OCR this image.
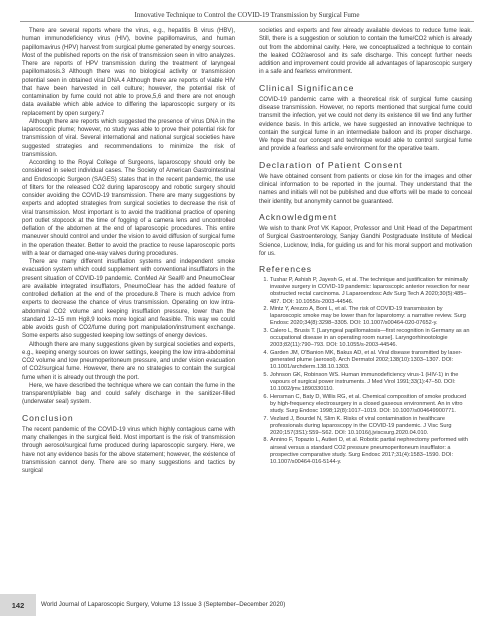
Innovative Technique to Control the COVID-19 Transmission by Surgical Fume

There are several reports where the virus, e.g., hepatitis B virus (HBV), human immunodeficiency virus (HIV), bovine papillomavirus, and human papillomavirus (HPV) harvest from surgical plume generated by energy sources. Most of the published reports on the risk of transmission seen in vitro analyzes. There are reports of HPV transmission during the treatment of laryngeal papillomatosis.3 Although there was no biological activity or transmission potential seen in obtained viral DNA.4 Although there are reports of viable HIV that have been harvested in cell culture; however, the potential risk of contamination by fume could not able to prove,5,6 and there are not enough data available which able advice to differing the laparoscopic surgery or its replacement by open surgery.7

Although there are reports which suggested the presence of virus DNA in the laparoscopic plume; however, no study was able to prove their potential risk for transmission of viral. Several international and national surgical societies have suggested strategies and recommendations to minimize the risk of transmission.

According to the Royal College of Surgeons, laparoscopy should only be considered in select individual cases. The Society of American Gastrointestinal and Endoscopic Surgeon (SAGES) states that in the recent pandemic, the use of filters for the released CO2 during laparoscopy and robotic surgery should consider avoiding the COVID-19 transmission. There are many suggestions by experts and adopted strategies from surgical societies to decrease the risk of viral transmission. Most important is to avoid the traditional practice of opening port outlet stopcock at the time of fogging of a camera lens and uncontrolled deflation of the abdomen at the end of laparoscopic procedures. This entire maneuver should control and under the vision to avoid diffusion of surgical fume in the operation theater. Better to avoid the practice to reuse laparoscopic ports with a tear or damaged one-way valves during procedures.

There are many different insufflation systems and independent smoke evacuation system which could supplement with conventional insufflators in the present situation of COVID-19 pandemic. ConMed Air Seal® and PneumoClear are available integrated insufflators, PneumoClear has the added feature of controlled deflation at the end of the procedure.8 There is much advice from experts to decrease the chance of virus transmission. Operating on low intra-abdominal CO2 volume and keeping insufflation pressure, lower than the standard 12–15 mm Hg8,9 looks more logical and feasible. This way we could able avoids gush of CO2/fume during port manipulation/instrument exchange. Some experts also suggested keeping low settings of energy devices.

Although there are many suggestions given by surgical societies and experts, e.g., keeping energy sources on lower settings, keeping the low intra-abdominal CO2 volume and low pneumoperitoneum pressure, and under vision evacuation of CO2/surgical fume. However, there are no strategies to contain the surgical fume when it is already out through the port.

Here, we have described the technique where we can contain the fume in the transparent/pliable bag and could safely discharge in the sanitizer-filled (underwater seal) system.

Conclusion

The recent pandemic of the COVID-19 virus which highly contagious came with many challenges in the surgical field. Most important is the risk of transmission through aerosol/surgical fume produced during laparoscopic surgery. Here, we have not any evidence basis for the above statement; however, the existence of transmission cannot deny. There are so many suggestions and tactics by surgical

societies and experts and few already available devices to reduce fume leak. Still, there is a suggestion or solution to contain the fume/CO2 which is already out from the abdominal cavity. Here, we conceptualized a technique to contain the leaked CO2/aerosol and its safe discharge. This concept further needs addition and improvement could provide all advantages of laparoscopic surgery in a safe and fearless environment.

Clinical Significance

COVID-19 pandemic came with a theoretical risk of surgical fume causing disease transmission. However, no reports mentioned that surgical fume could transmit the infection, yet we could not deny its existence till we find any further evidence basis. In this article, we have suggested an innovative technique to contain the surgical fume in an intermediate balloon and its proper discharge. We hope that our concept and technique would able to control surgical fume and provide a fearless and safe environment for the operative team.

Declaration of Patient Consent

We have obtained consent from patients or close kin for the images and other clinical information to be reported in the journal. They understand that the names and initials will not be published and due efforts will be made to conceal their identity, but anonymity cannot be guaranteed.

Acknowledgment

We wish to thank Prof VK Kapoor, Professor and Unit Head of the Department of Surgical Gastroenterology, Sanjay Gandhi Postgraduate Institute of Medical Science, Lucknow, India, for guiding us and for his moral support and motivation for us.

References
1. Tushar P, Ashish P, Jayesh G, et al. The technique and justification for minimally invasive surgery in COVID-19 pandemic: laparoscopic anterior resection for near obstructed rectal carcinoma. J Laparoendosc Adv Surg Tech A 2020;30(5):485–487. DOI: 10.1055/s-2003-44546.
2. Mintz Y, Arezzo A, Boni L, et al. The risk of COVID-19 transmission by laparoscopic smoke may be lower than for laparotomy: a narrative review. Surg Endosc 2020;34(8):3298–3305. DOI: 10.1007/s00464-020-07652-y.
3. Calero L, Brusis T. [Laryngeal papillomatosis—first recognition in Germany as an occupational disease in an operating room nurse]. Laryngorhinootologie 2003;82(11):790–793. DOI: 10.1055/s-2003-44546.
4. Garden JM, O'Banion MK, Bakus AD, et al. Viral disease transmitted by laser-generated plume (aerosol). Arch Dermatol 2002;138(10):1303–1307. DOI: 10.1001/archderm.138.10.1303.
5. Johnson GK, Robinson WS. Human immunodeficiency virus-1 (HIV-1) in the vapours of surgical power instruments. J Med Virol 1991;33(1):47–50. DOI: 10.1002/jmv.1890330110.
6. Hensman C, Baty D, Willis RG, et al. Chemical composition of smoke produced by high-frequency electrosurgery in a closed gaseous environment. An in vitro study. Surg Endosc 1998;12(8):1017–1019. DOI: 10.1007/s004649900771.
7. Vezlard J, Bourdel N, Slim K. Risks of viral contamination in healthcare professionals during laparoscopy in the COVID-19 pandemic. J Visc Surg 2020;157(3S1):S59–S62. DOI: 10.1016/j.jviscsurg.2020.04.010.
8. Annino F, Topazio L, Autieri D, et al. Robotic partial nephrectomy performed with airseal versus a standard CO2 pressure pneumoperitoneum insufflator: a prospective comparative study. Surg Endosc 2017;31(4):1583–1590. DOI: 10.1007/s00464-016-5144-y.
142	World Journal of Laparoscopic Surgery, Volume 13 Issue 3 (September–December 2020)
